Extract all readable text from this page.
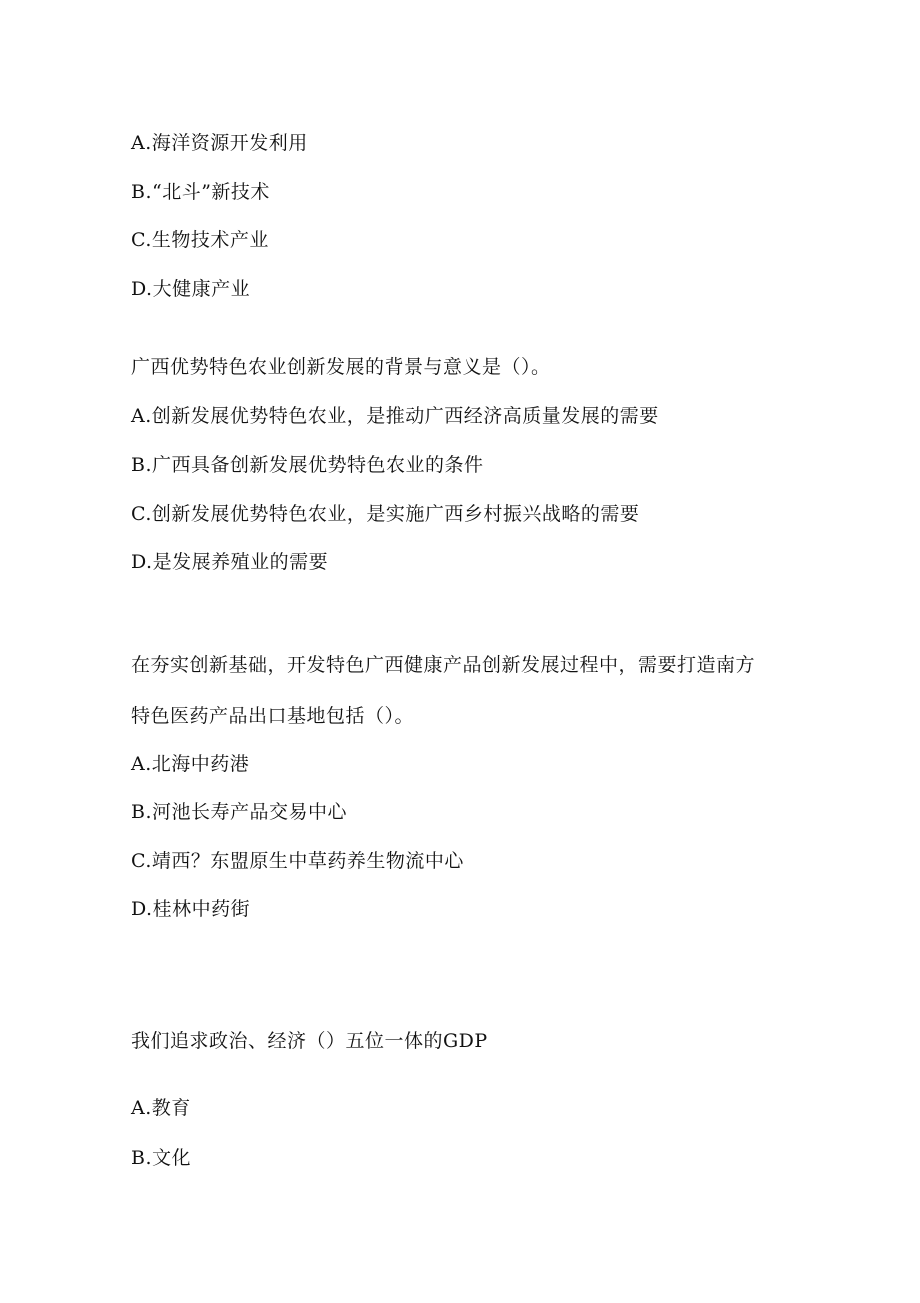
A.海洋资源开发利用
B.“北斗”新技术
C.生物技术产业
D.大健康产业
广西优势特色农业创新发展的背景与意义是（）。
A.创新发展优势特色农业，是推动广西经济高质量发展的需要
B.广西具备创新发展优势特色农业的条件
C.创新发展优势特色农业，是实施广西乡村振兴战略的需要
D.是发展养殖业的需要
在夯实创新基础，开发特色广西健康产品创新发展过程中，需要打造南方
特色医药产品出口基地包括（）。
A.北海中药港
B.河池长寿产品交易中心
C.靖西？东盟原生中草药养生物流中心
D.桂林中药街
我们追求政治、经济（）五位一体的GDP
A.教育
B.文化
